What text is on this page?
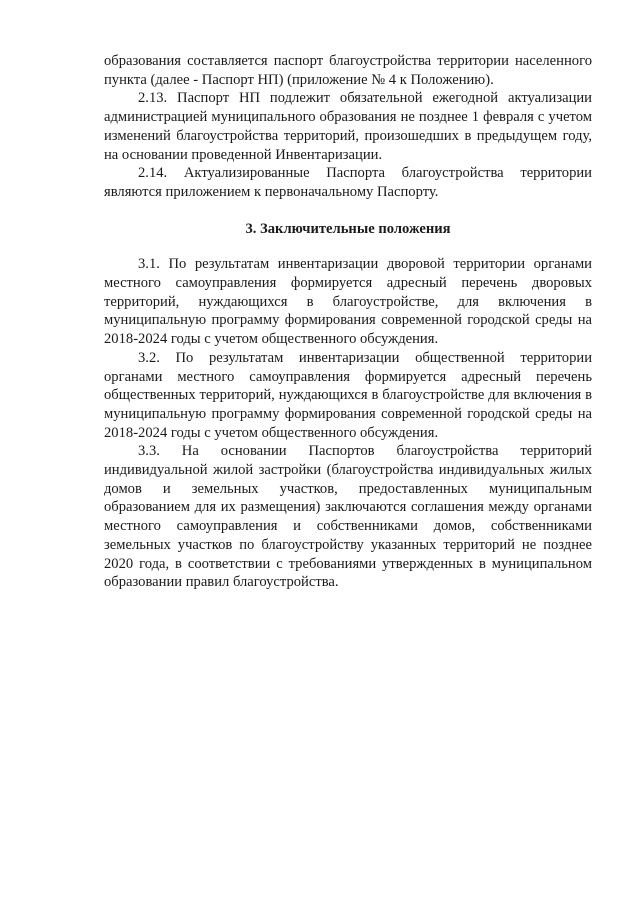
образования составляется паспорт благоустройства территории населенного пункта (далее - Паспорт НП) (приложение № 4 к Положению).

2.13. Паспорт НП подлежит обязательной ежегодной актуализации администрацией муниципального образования не позднее 1 февраля с учетом изменений благоустройства территорий, произошедших в предыдущем году, на основании проведенной Инвентаризации.

2.14. Актуализированные Паспорта благоустройства территории являются приложением к первоначальному Паспорту.

3. Заключительные положения

3.1. По результатам инвентаризации дворовой территории органами местного самоуправления формируется адресный перечень дворовых территорий, нуждающихся в благоустройстве, для включения в муниципальную программу формирования современной городской среды на 2018-2024 годы с учетом общественного обсуждения.

3.2. По результатам инвентаризации общественной территории органами местного самоуправления формируется адресный перечень общественных территорий, нуждающихся в благоустройстве для включения в муниципальную программу формирования современной городской среды на 2018-2024 годы с учетом общественного обсуждения.

3.3. На основании Паспортов благоустройства территорий индивидуальной жилой застройки (благоустройства индивидуальных жилых домов и земельных участков, предоставленных муниципальным образованием для их размещения) заключаются соглашения между органами местного самоуправления и собственниками домов, собственниками земельных участков по благоустройству указанных территорий не позднее 2020 года, в соответствии с требованиями утвержденных в муниципальном образовании правил благоустройства.
